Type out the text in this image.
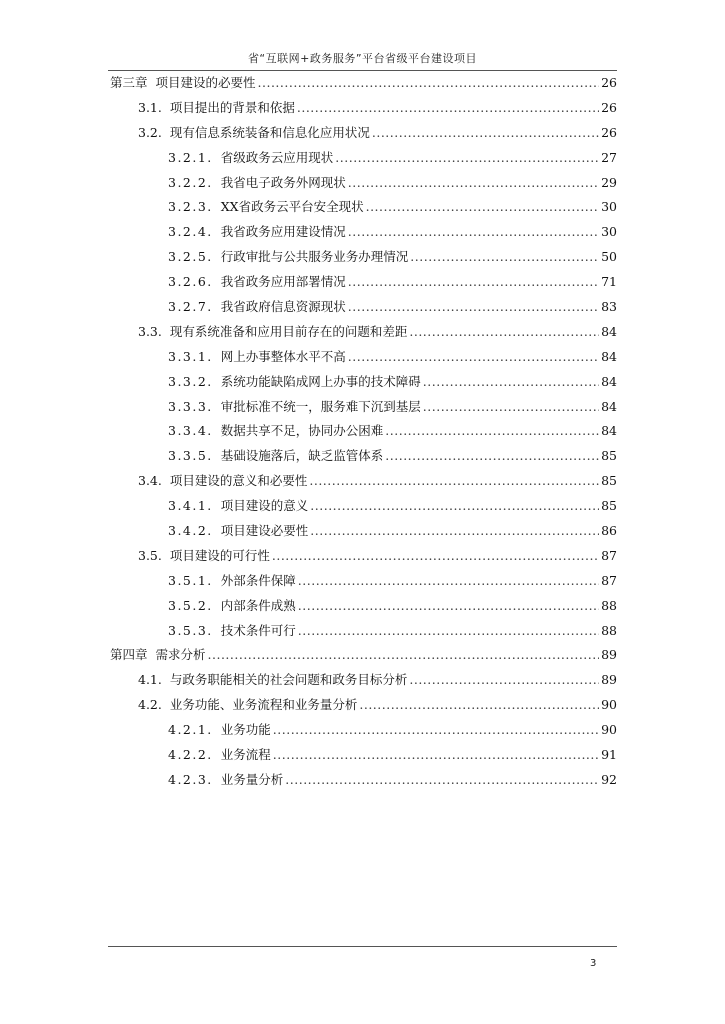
省“互联网+政务服务”平台省级平台建设项目
第三章 项目建设的必要性 .....	26
3.1. 项目提出的背景和依据 .....	26
3.2. 现有信息系统装备和信息化应用状况 .....	26
3.2.1. 省级政务云应用现状 .....	27
3.2.2. 我省电子政务外网现状 .....	29
3.2.3. XX省政务云平台安全现状 .....	30
3.2.4. 我省政务应用建设情况 .....	30
3.2.5. 行政审批与公共服务业务办理情况 .....	50
3.2.6. 我省政务应用部署情况 .....	71
3.2.7. 我省政府信息资源现状 .....	83
3.3. 现有系统准备和应用目前存在的问题和差距 .....	84
3.3.1. 网上办事整体水平不高 .....	84
3.3.2. 系统功能缺陷成网上办事的技术障碍 .....	84
3.3.3. 审批标准不统一，服务难下沉到基层 .....	84
3.3.4. 数据共享不足，协同办公困难 .....	84
3.3.5. 基础设施落后，缺乏监管体系 .....	85
3.4. 项目建设的意义和必要性 .....	85
3.4.1. 项目建设的意义 .....	85
3.4.2. 项目建设必要性 .....	86
3.5. 项目建设的可行性 .....	87
3.5.1. 外部条件保障 .....	87
3.5.2. 内部条件成熟 .....	88
3.5.3. 技术条件可行 .....	88
第四章 需求分析 .....	89
4.1. 与政务职能相关的社会问题和政务目标分析 .....	89
4.2. 业务功能、业务流程和业务量分析 .....	90
4.2.1. 业务功能 .....	90
4.2.2. 业务流程 .....	91
4.2.3. 业务量分析 .....	92
3
